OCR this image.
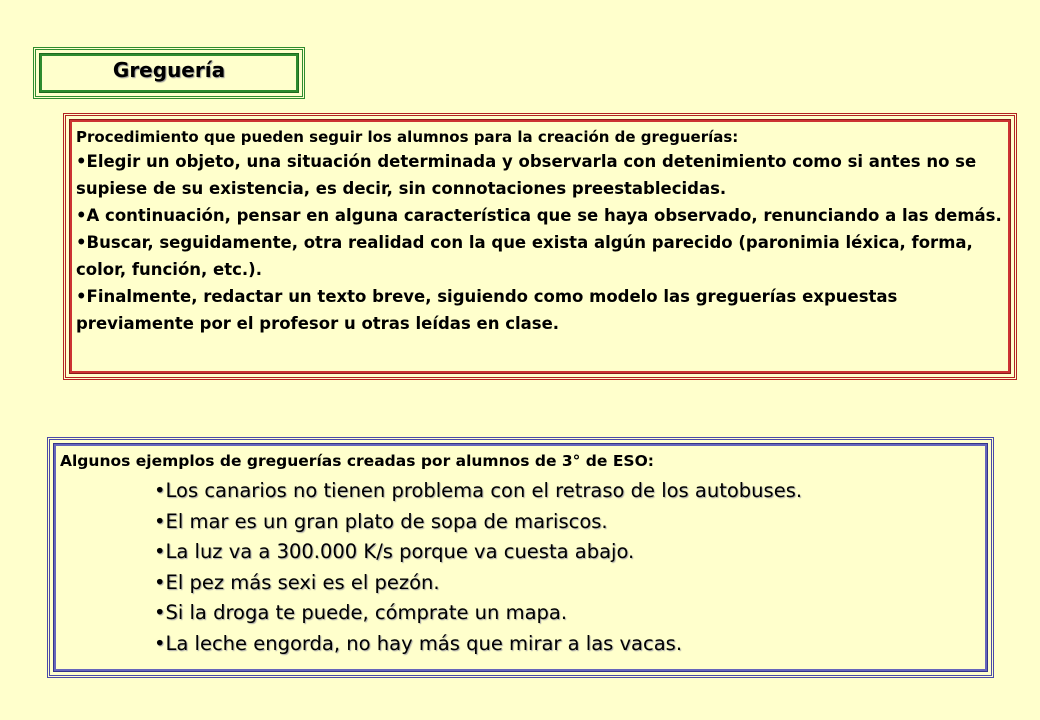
Greguería
Procedimiento que pueden seguir los alumnos para la creación de greguerías:

•Elegir un objeto, una situación determinada y observarla con detenimiento como si antes no se supiese de su existencia, es decir, sin connotaciones preestablecidas.

•A continuación, pensar en alguna característica que se haya observado, renunciando a las demás.

•Buscar, seguidamente, otra realidad con la que exista algún parecido (paronimia léxica, forma, color, función, etc.).

•Finalmente, redactar un texto breve, siguiendo como modelo las greguerías expuestas previamente por el profesor u otras leídas en clase.

Algunos ejemplos de greguerías creadas por alumnos de 3° de ESO:
•Los canarios no tienen problema con el retraso de los autobuses.
•El mar es un gran plato de sopa de mariscos.
•La luz va a 300.000 K/s porque va cuesta abajo.
•El pez más sexi es el pezón.
•Si la droga te puede, cómprate un mapa.
•La leche engorda, no hay más que mirar a las vacas.
